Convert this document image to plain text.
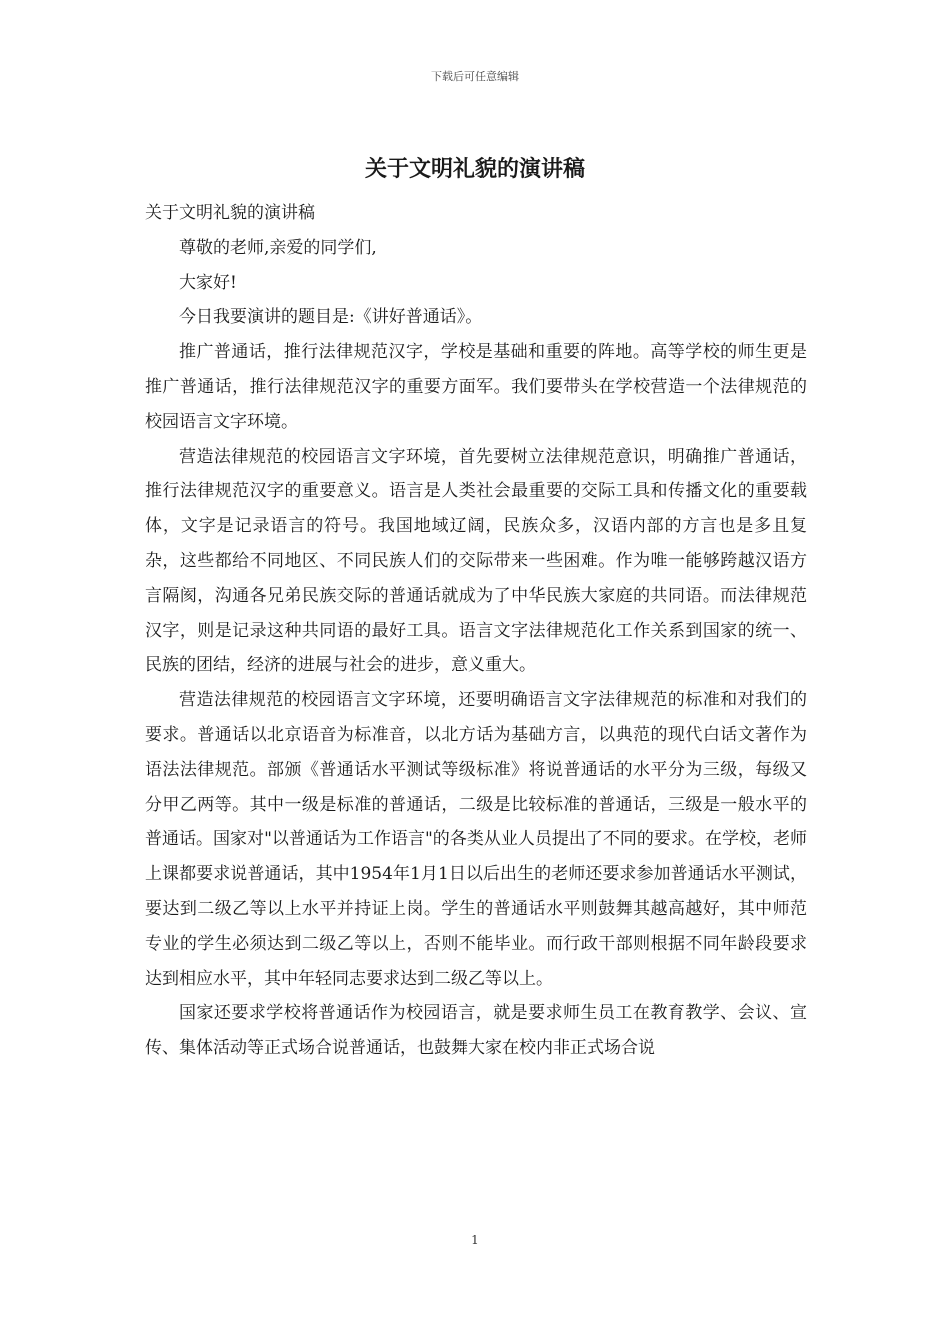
下载后可任意编辑
关于文明礼貌的演讲稿

关于文明礼貌的演讲稿

尊敬的老师,亲爱的同学们,

大家好!

今日我要演讲的题目是:《讲好普通话》。

推广普通话，推行法律规范汉字，学校是基础和重要的阵地。高等学校的师生更是推广普通话，推行法律规范汉字的重要方面军。我们要带头在学校营造一个法律规范的校园语言文字环境。

营造法律规范的校园语言文字环境，首先要树立法律规范意识，明确推广普通话，推行法律规范汉字的重要意义。语言是人类社会最重要的交际工具和传播文化的重要载体，文字是记录语言的符号。我国地域辽阔，民族众多，汉语内部的方言也是多且复杂，这些都给不同地区、不同民族人们的交际带来一些困难。作为唯一能够跨越汉语方言隔阂，沟通各兄弟民族交际的普通话就成为了中华民族大家庭的共同语。而法律规范汉字，则是记录这种共同语的最好工具。语言文字法律规范化工作关系到国家的统一、民族的团结，经济的进展与社会的进步，意义重大。

营造法律规范的校园语言文字环境，还要明确语言文字法律规范的标准和对我们的要求。普通话以北京语音为标准音，以北方话为基础方言，以典范的现代白话文著作为语法法律规范。部颁《普通话水平测试等级标准》将说普通话的水平分为三级，每级又分甲乙两等。其中一级是标准的普通话，二级是比较标准的普通话，三级是一般水平的普通话。国家对"以普通话为工作语言"的各类从业人员提出了不同的要求。在学校，老师上课都要求说普通话，其中1954年1月1日以后出生的老师还要求参加普通话水平测试，要达到二级乙等以上水平并持证上岗。学生的普通话水平则鼓舞其越高越好，其中师范专业的学生必须达到二级乙等以上，否则不能毕业。而行政干部则根据不同年龄段要求达到相应水平，其中年轻同志要求达到二级乙等以上。

国家还要求学校将普通话作为校园语言，就是要求师生员工在教育教学、会议、宣传、集体活动等正式场合说普通话，也鼓舞大家在校内非正式场合说

1
